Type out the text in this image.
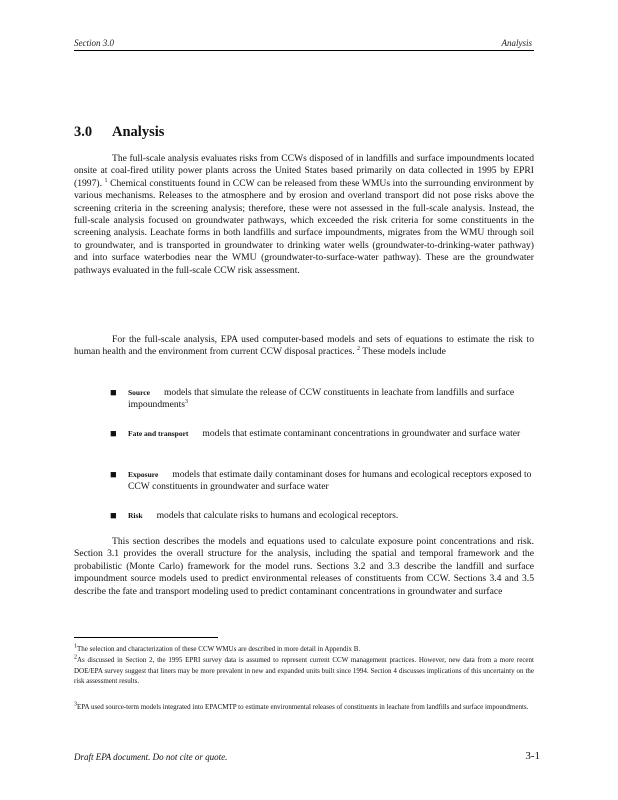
Section 3.0	Analysis
3.0 Analysis
The full-scale analysis evaluates risks from CCWs disposed of in landfills and surface impoundments located onsite at coal-fired utility power plants across the United States based primarily on data collected in 1995 by EPRI (1997). $^1$ Chemical constituents found in CCW can be released from these WMUs into the surrounding environment by various mechanisms. Releases to the atmosphere and by erosion and overland transport did not pose risks above the screening criteria in the screening analysis; therefore, these were not assessed in the full-scale analysis. Instead, the full-scale analysis focused on groundwater pathways, which exceeded the risk criteria for some constituents in the screening analysis. Leachate forms in both landfills and surface impoundments, migrates from the WMU through soil to groundwater, and is transported in groundwater to drinking water wells (groundwater-to-drinking-water pathway) and into surface waterbodies near the WMU (groundwater-to-surface-water pathway). These are the groundwater pathways evaluated in the full-scale CCW risk assessment.
For the full-scale analysis, EPA used computer-based models and sets of equations to estimate the risk to human health and the environment from current CCW disposal practices. $^2$ These models include
■	Source models that simulate the release of CCW constituents in leachate from landfills and surface impoundments$^3$
■	Fate and transport models that estimate contaminant concentrations in groundwater and surface water
■	Exposure models that estimate daily contaminant doses for humans and ecological receptors exposed to CCW constituents in groundwater and surface water
■	Risk models that calculate risks to humans and ecological receptors.
This section describes the models and equations used to calculate exposure point concentrations and risk. Section 3.1 provides the overall structure for the analysis, including the spatial and temporal framework and the probabilistic (Monte Carlo) framework for the model runs. Sections 3.2 and 3.3 describe the landfill and surface impoundment source models used to predict environmental releases of constituents from CCW. Sections 3.4 and 3.5 describe the fate and transport modeling used to predict contaminant concentrations in groundwater and surface
$^1$The selection and characterization of these CCW WMUs are described in more detail in Appendix B.
$^2$As discussed in Section 2, the 1995 EPRI survey data is assumed to represent current CCW management practices. However, new data from a more recent DOE/EPA survey suggest that liners may be more prevalent in new and expanded units built since 1994. Section 4 discusses implications of this uncertainty on the risk assessment results.
$^3$EPA used source-term models integrated into EPACMTP to estimate environmental releases of constituents in leachate from landfills and surface impoundments.
Draft EPA document. Do not cite or quote.	3-1
